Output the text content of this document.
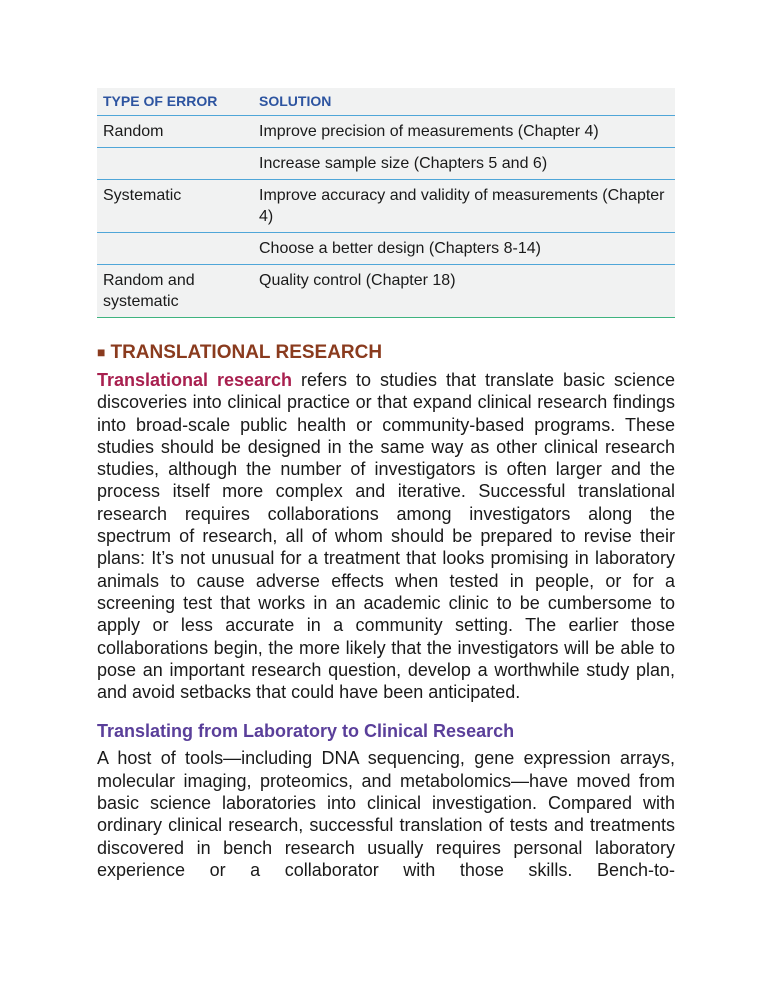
TYPE OF ERROR	SOLUTION
Random	Improve precision of measurements (Chapter 4)
	Increase sample size (Chapters 5 and 6)
Systematic	Improve accuracy and validity of measurements (Chapter 4)
	Choose a better design (Chapters 8-14)
Random and systematic	Quality control (Chapter 18)
■ TRANSLATIONAL RESEARCH

Translational research refers to studies that translate basic science discoveries into clinical practice or that expand clinical research findings into broad-scale public health or community-based programs. These studies should be designed in the same way as other clinical research studies, although the number of investigators is often larger and the process itself more complex and iterative. Successful translational research requires collaborations among investigators along the spectrum of research, all of whom should be prepared to revise their plans: It’s not unusual for a treatment that looks promising in laboratory animals to cause adverse effects when tested in people, or for a screening test that works in an academic clinic to be cumbersome to apply or less accurate in a community setting. The earlier those collaborations begin, the more likely that the investigators will be able to pose an important research question, develop a worthwhile study plan, and avoid setbacks that could have been anticipated.

Translating from Laboratory to Clinical Research

A host of tools—including DNA sequencing, gene expression arrays, molecular imaging, proteomics, and metabolomics—have moved from basic science laboratories into clinical investigation. Compared with ordinary clinical research, successful translation of tests and treatments discovered in bench research usually requires personal laboratory experience or a collaborator with those skills. Bench-to-
